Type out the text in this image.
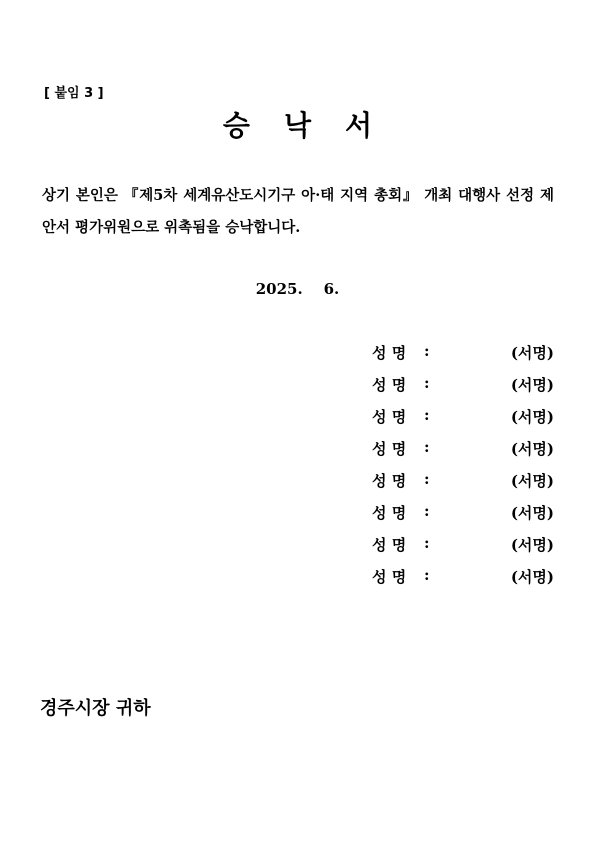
[ 붙임 3 ]
승낙서
상기 본인은 『제5차 세계유산도시기구 아·태 지역 총회』 개최 대행사 선정 제안서 평가위원으로 위촉됨을 승낙합니다.
2025.    6.
성 명 :	(서명)
성 명 :	(서명)
성 명 :	(서명)
성 명 :	(서명)
성 명 :	(서명)
성 명 :	(서명)
성 명 :	(서명)
성 명 :	(서명)
경주시장 귀하
